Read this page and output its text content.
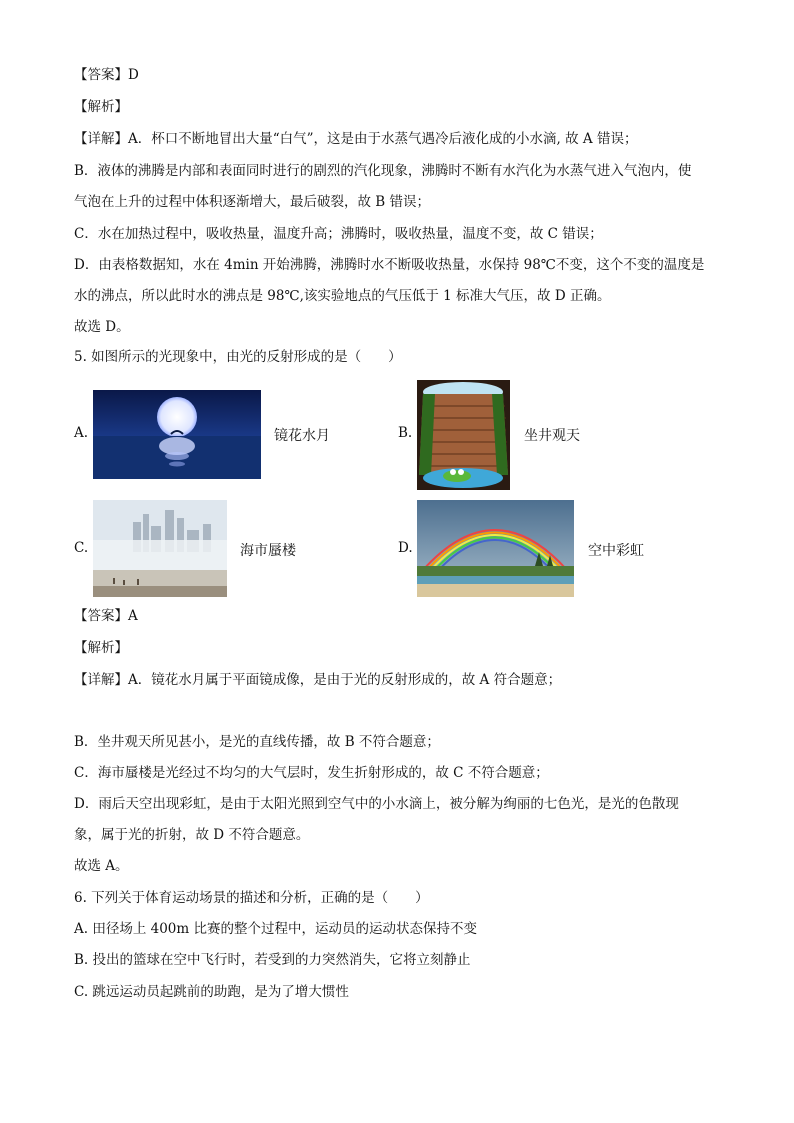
【答案】D
【解析】
【详解】A．杯口不断地冒出大量“白气”，这是由于水蒸气遇冷后液化成的小水滴, 故 A 错误；
B．液体的沸腾是内部和表面同时进行的剧烈的汽化现象，沸腾时不断有水汽化为水蒸气进入气泡内，使
气泡在上升的过程中体积逐渐增大，最后破裂，故 B 错误；
C．水在加热过程中，吸收热量，温度升高；沸腾时，吸收热量，温度不变，故 C 错误；
D．由表格数据知，水在 4min 开始沸腾，沸腾时水不断吸收热量，水保持 98℃不变，这个不变的温度是
水的沸点，所以此时水的沸点是 98℃,该实验地点的气压低于 1 标准大气压，故 D 正确。
故选 D。
5. 如图所示的光现象中，由光的反射形成的是（　　）
A.	镜花水月	B.	坐井观天
C.	海市蜃楼	D.	空中彩虹
【答案】A
【解析】
【详解】A．镜花水月属于平面镜成像，是由于光的反射形成的，故 A 符合题意；
B．坐井观天所见甚小，是光的直线传播，故 B 不符合题意；
C．海市蜃楼是光经过不均匀的大气层时，发生折射形成的，故 C 不符合题意；
D．雨后天空出现彩虹，是由于太阳光照到空气中的小水滴上，被分解为绚丽的七色光，是光的色散现
象，属于光的折射，故 D 不符合题意。
故选 A。
6. 下列关于体育运动场景的描述和分析，正确的是（　　）
A. 田径场上 400m 比赛的整个过程中，运动员的运动状态保持不变
B. 投出的篮球在空中飞行时，若受到的力突然消失，它将立刻静止
C. 跳远运动员起跳前的助跑，是为了增大惯性
